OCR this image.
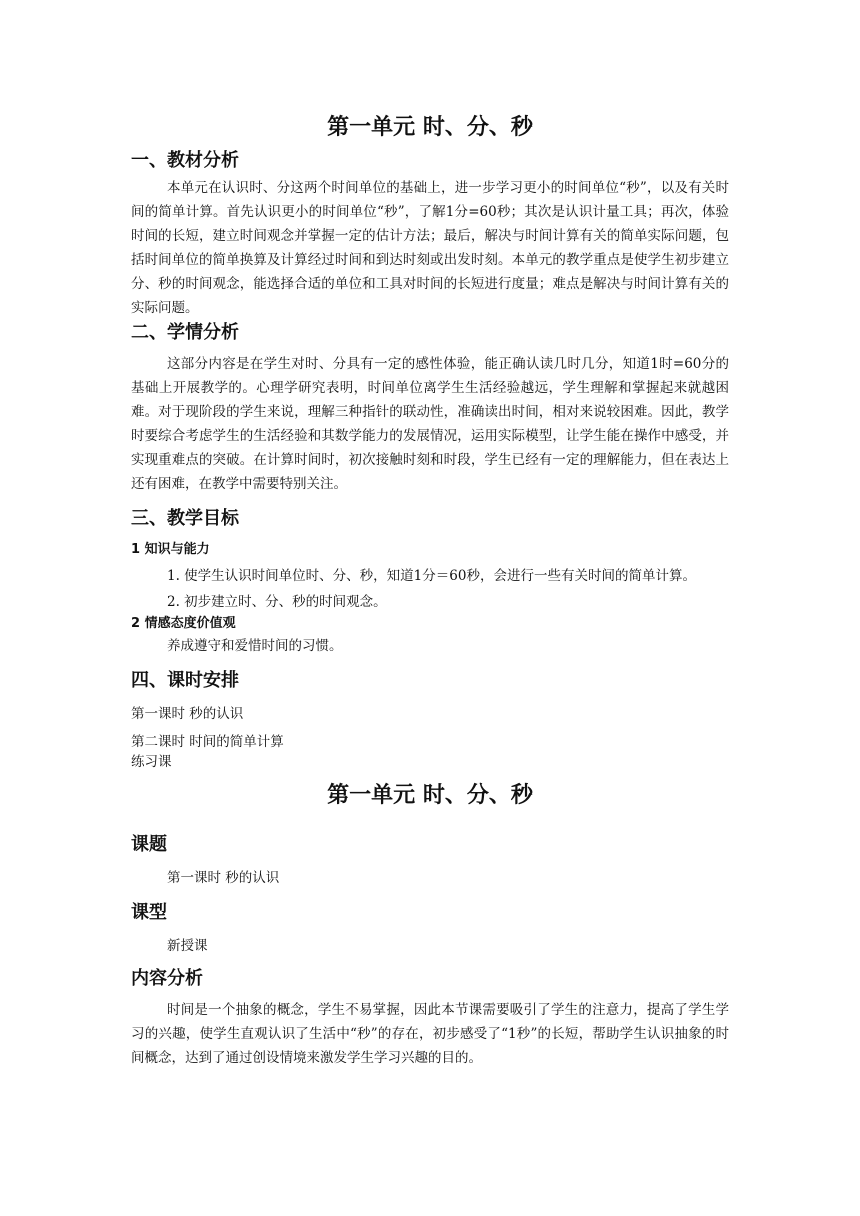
第一单元 时、分、秒
一、教材分析
本单元在认识时、分这两个时间单位的基础上，进一步学习更小的时间单位“秒”，以及有关时间的简单计算。首先认识更小的时间单位“秒”，了解1分=60秒；其次是认识计量工具；再次，体验时间的长短，建立时间观念并掌握一定的估计方法；最后，解决与时间计算有关的简单实际问题，包括时间单位的简单换算及计算经过时间和到达时刻或出发时刻。本单元的教学重点是使学生初步建立分、秒的时间观念，能选择合适的单位和工具对时间的长短进行度量；难点是解决与时间计算有关的实际问题。
二、学情分析
这部分内容是在学生对时、分具有一定的感性体验，能正确认读几时几分，知道1时=60分的基础上开展教学的。心理学研究表明，时间单位离学生生活经验越远，学生理解和掌握起来就越困难。对于现阶段的学生来说，理解三种指针的联动性，准确读出时间，相对来说较困难。因此，教学时要综合考虑学生的生活经验和其数学能力的发展情况，运用实际模型，让学生能在操作中感受，并实现重难点的突破。在计算时间时，初次接触时刻和时段，学生已经有一定的理解能力，但在表达上还有困难，在教学中需要特别关注。
三、教学目标
1 知识与能力
1. 使学生认识时间单位时、分、秒，知道1分＝60秒，会进行一些有关时间的简单计算。
2. 初步建立时、分、秒的时间观念。
2 情感态度价值观
养成遵守和爱惜时间的习惯。
四、课时安排
第一课时 秒的认识
第二课时 时间的简单计算
练习课
第一单元 时、分、秒
课题
第一课时 秒的认识
课型
新授课
内容分析
时间是一个抽象的概念，学生不易掌握，因此本节课需要吸引了学生的注意力，提高了学生学习的兴趣，使学生直观认识了生活中“秒”的存在，初步感受了“1秒”的长短，帮助学生认识抽象的时间概念，达到了通过创设情境来激发学生学习兴趣的目的。
